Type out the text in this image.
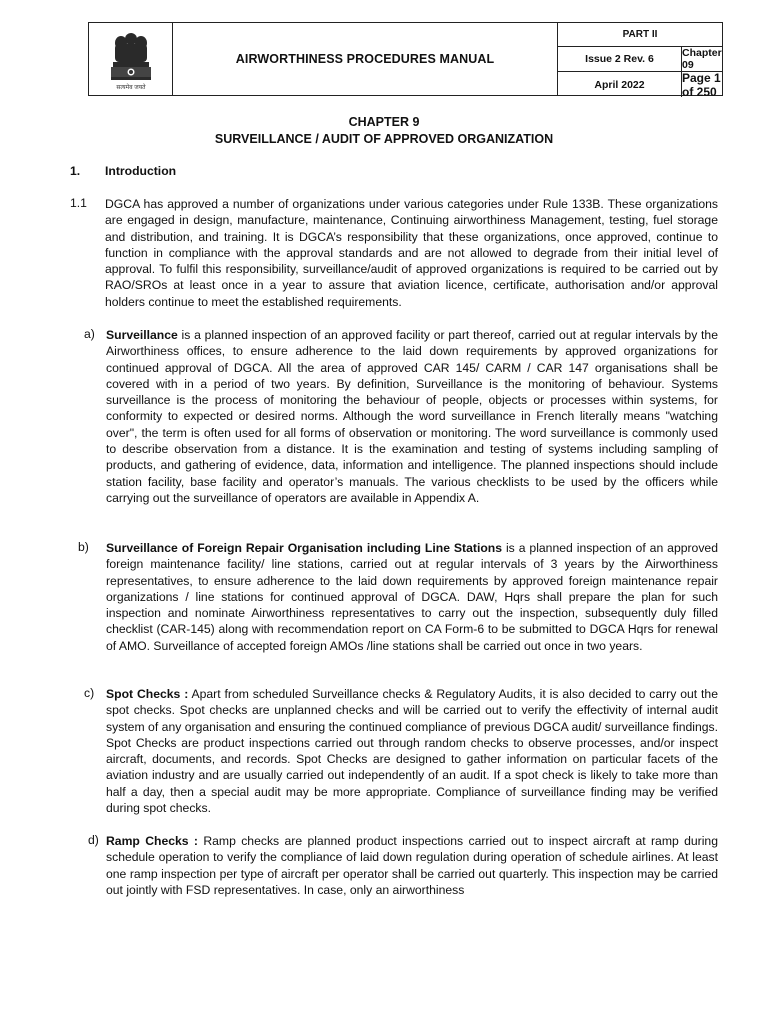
सत्यमेव जयते
AIRWORTHINESS PROCEDURES MANUAL
PART II
Issue 2 Rev. 6	Chapter 09
April 2022	Page 1 of 250
CHAPTER 9
SURVEILLANCE / AUDIT OF APPROVED ORGANIZATION
1. Introduction
1.1 DGCA has approved a number of organizations under various categories under Rule 133B. These organizations are engaged in design, manufacture, maintenance, Continuing airworthiness Management, testing, fuel storage and distribution, and training. It is DGCA’s responsibility that these organizations, once approved, continue to function in compliance with the approval standards and are not allowed to degrade from their initial level of approval. To fulfil this responsibility, surveillance/audit of approved organizations is required to be carried out by RAO/SROs at least once in a year to assure that aviation licence, certificate, authorisation and/or approval holders continue to meet the established requirements.
a) Surveillance is a planned inspection of an approved facility or part thereof, carried out at regular intervals by the Airworthiness offices, to ensure adherence to the laid down requirements by approved organizations for continued approval of DGCA. All the area of approved CAR 145/ CARM / CAR 147 organisations shall be covered with in a period of two years. By definition, Surveillance is the monitoring of behaviour. Systems surveillance is the process of monitoring the behaviour of people, objects or processes within systems, for conformity to expected or desired norms. Although the word surveillance in French literally means "watching over", the term is often used for all forms of observation or monitoring. The word surveillance is commonly used to describe observation from a distance. It is the examination and testing of systems including sampling of products, and gathering of evidence, data, information and intelligence. The planned inspections should include station facility, base facility and operator’s manuals. The various checklists to be used by the officers while carrying out the surveillance of operators are available in Appendix A.
b) Surveillance of Foreign Repair Organisation including Line Stations is a planned inspection of an approved foreign maintenance facility/ line stations, carried out at regular intervals of 3 years by the Airworthiness representatives, to ensure adherence to the laid down requirements by approved foreign maintenance repair organizations / line stations for continued approval of DGCA. DAW, Hqrs shall prepare the plan for such inspection and nominate Airworthiness representatives to carry out the inspection, subsequently duly filled checklist (CAR-145) along with recommendation report on CA Form-6 to be submitted to DGCA Hqrs for renewal of AMO. Surveillance of accepted foreign AMOs /line stations shall be carried out once in two years.
c) Spot Checks : Apart from scheduled Surveillance checks & Regulatory Audits, it is also decided to carry out the spot checks. Spot checks are unplanned checks and will be carried out to verify the effectivity of internal audit system of any organisation and ensuring the continued compliance of previous DGCA audit/ surveillance findings. Spot Checks are product inspections carried out through random checks to observe processes, and/or inspect aircraft, documents, and records. Spot Checks are designed to gather information on particular facets of the aviation industry and are usually carried out independently of an audit. If a spot check is likely to take more than half a day, then a special audit may be more appropriate. Compliance of surveillance finding may be verified during spot checks.
d) Ramp Checks : Ramp checks are planned product inspections carried out to inspect aircraft at ramp during schedule operation to verify the compliance of laid down regulation during operation of schedule airlines. At least one ramp inspection per type of aircraft per operator shall be carried out quarterly. This inspection may be carried out jointly with FSD representatives. In case, only an airworthiness
